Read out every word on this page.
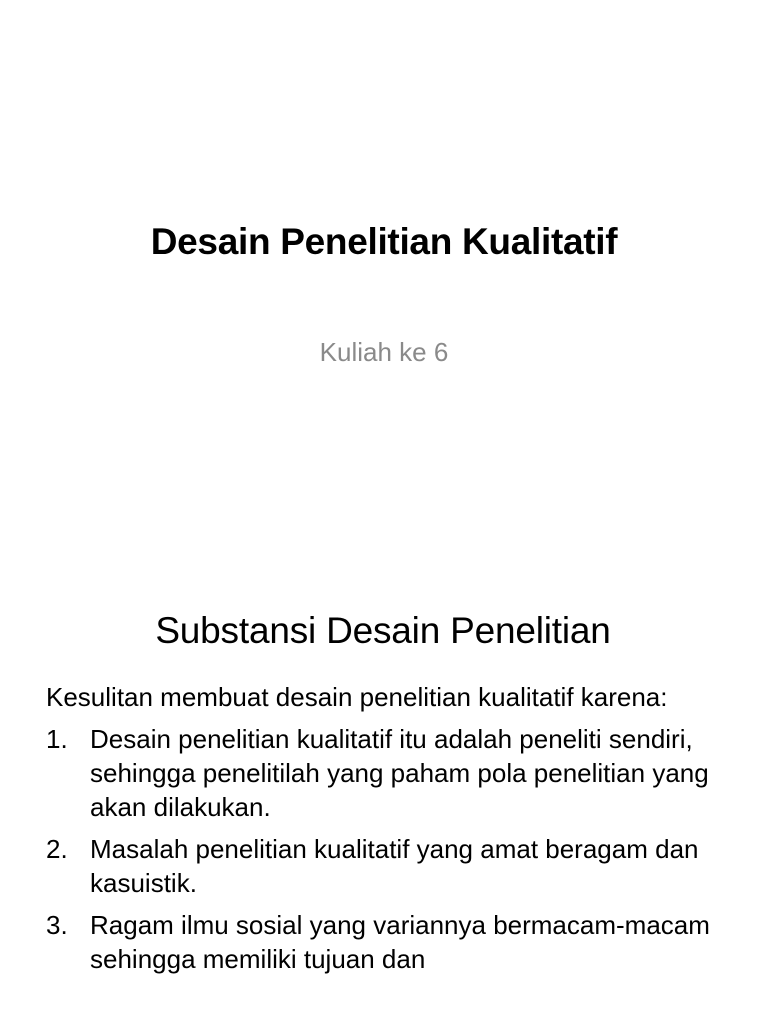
Desain Penelitian Kualitatif
Kuliah ke 6
Substansi Desain Penelitian

Kesulitan membuat desain penelitian kualitatif karena:

1. Desain penelitian kualitatif itu adalah peneliti sendiri, sehingga penelitilah yang paham pola penelitian yang akan dilakukan.
2. Masalah penelitian kualitatif yang amat beragam dan kasuistik.
3. Ragam ilmu sosial yang variannya bermacam-macam sehingga memiliki tujuan dan
